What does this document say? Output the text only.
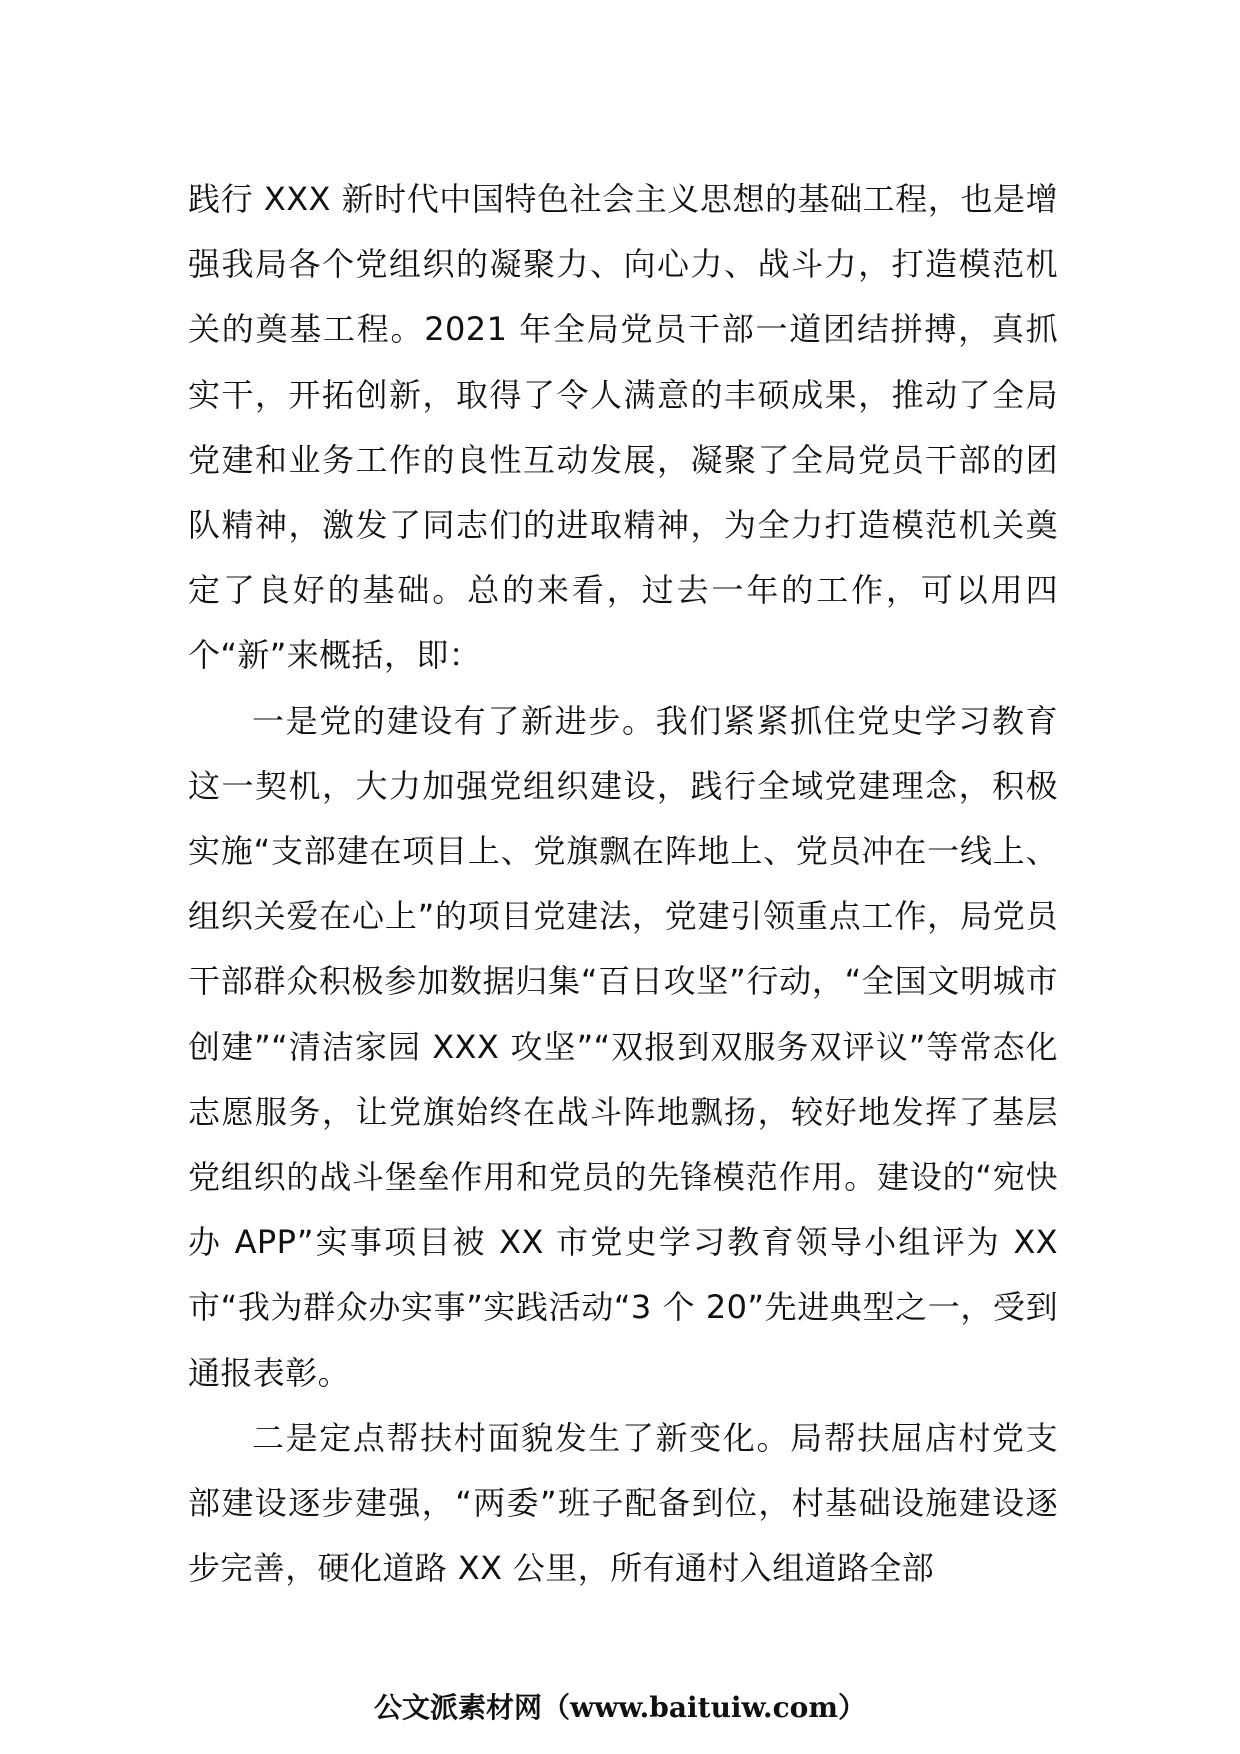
践行 XXX 新时代中国特色社会主义思想的基础工程，也是增强我局各个党组织的凝聚力、向心力、战斗力，打造模范机关的奠基工程。2021 年全局党员干部一道团结拼搏，真抓实干，开拓创新，取得了令人满意的丰硕成果，推动了全局党建和业务工作的良性互动发展，凝聚了全局党员干部的团队精神，激发了同志们的进取精神，为全力打造模范机关奠定了良好的基础。总的来看，过去一年的工作，可以用四个“新”来概括，即：

一是党的建设有了新进步。我们紧紧抓住党史学习教育这一契机，大力加强党组织建设，践行全域党建理念，积极实施“支部建在项目上、党旗飘在阵地上、党员冲在一线上、组织关爱在心上”的项目党建法，党建引领重点工作，局党员干部群众积极参加数据归集“百日攻坚”行动，“全国文明城市创建”“清洁家园 XXX 攻坚”“双报到双服务双评议”等常态化志愿服务，让党旗始终在战斗阵地飘扬，较好地发挥了基层党组织的战斗堡垒作用和党员的先锋模范作用。建设的“宛快办 APP”实事项目被 XX 市党史学习教育领导小组评为 XX 市“我为群众办实事”实践活动“3 个 20”先进典型之一，受到通报表彰。

二是定点帮扶村面貌发生了新变化。局帮扶屈店村党支部建设逐步建强，“两委”班子配备到位，村基础设施建设逐步完善，硬化道路 XX 公里，所有通村入组道路全部

公文派素材网（www.baituiw.com）
